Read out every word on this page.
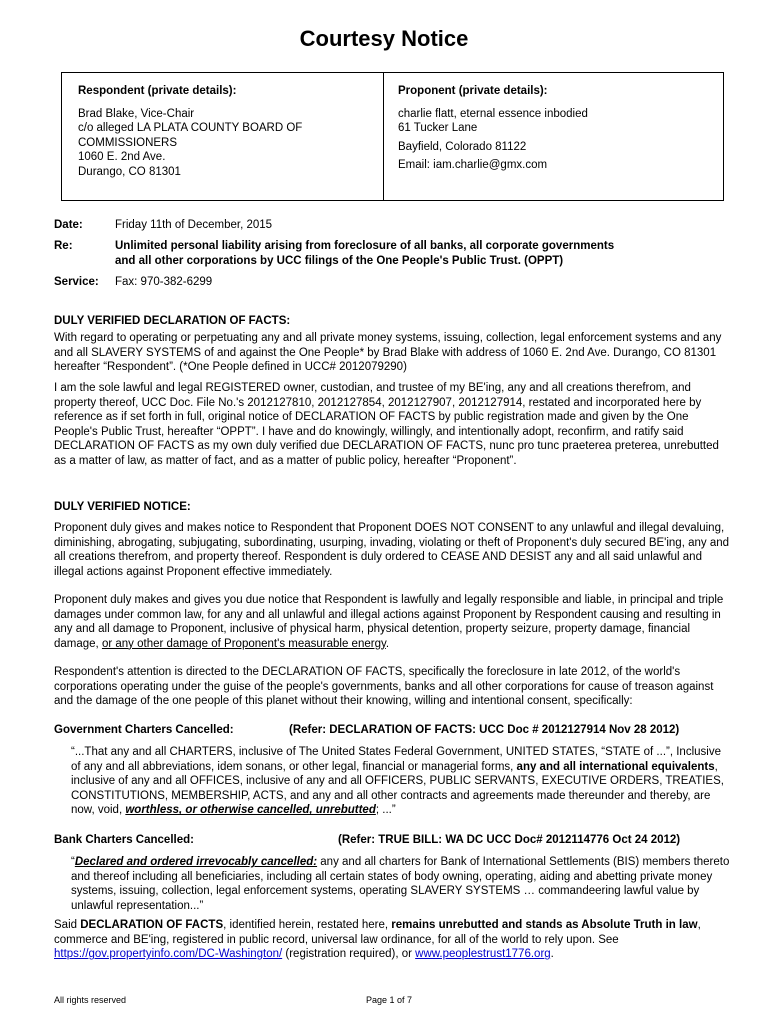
Courtesy Notice
Respondent (private details):
Brad Blake, Vice-Chair
c/o alleged LA PLATA COUNTY BOARD OF
COMMISSIONERS
1060 E. 2nd Ave.
Durango, CO 81301
Proponent (private details):
charlie flatt, eternal essence inbodied
61 Tucker Lane
Bayfield, Colorado 81122
Email: iam.charlie@gmx.com
Date:	Friday 11th of December, 2015
Re:	Unlimited personal liability arising from foreclosure of all banks, all corporate governments
and all other corporations by UCC filings of the One People's Public Trust. (OPPT)
Service:	Fax: 970-382-6299
DULY VERIFIED DECLARATION OF FACTS:
With regard to operating or perpetuating any and all private money systems, issuing, collection, legal enforcement systems and any and all SLAVERY SYSTEMS of and against the One People* by Brad Blake with address of 1060 E. 2nd Ave. Durango, CO 81301 hereafter “Respondent”. (*One People defined in UCC# 2012079290)
I am the sole lawful and legal REGISTERED owner, custodian, and trustee of my BE'ing, any and all creations therefrom, and property thereof, UCC Doc. File No.'s 2012127810, 2012127854, 2012127907, 2012127914, restated and incorporated here by reference as if set forth in full, original notice of DECLARATION OF FACTS by public registration made and given by the One People's Public Trust, hereafter “OPPT”. I have and do knowingly, willingly, and intentionally adopt, reconfirm, and ratify said DECLARATION OF FACTS as my own duly verified due DECLARATION OF FACTS, nunc pro tunc praeterea preterea, unrebutted as a matter of law, as matter of fact, and as a matter of public policy, hereafter “Proponent”.
DULY VERIFIED NOTICE:
Proponent duly gives and makes notice to Respondent that Proponent DOES NOT CONSENT to any unlawful and illegal devaluing, diminishing, abrogating, subjugating, subordinating, usurping, invading, violating or theft of Proponent's duly secured BE'ing, any and all creations therefrom, and property thereof. Respondent is duly ordered to CEASE AND DESIST any and all said unlawful and illegal actions against Proponent effective immediately.
Proponent duly makes and gives you due notice that Respondent is lawfully and legally responsible and liable, in principal and triple damages under common law, for any and all unlawful and illegal actions against Proponent by Respondent causing and resulting in any and all damage to Proponent, inclusive of physical harm, physical detention, property seizure, property damage, financial damage, or any other damage of Proponent's measurable energy.
Respondent's attention is directed to the DECLARATION OF FACTS, specifically the foreclosure in late 2012, of the world's corporations operating under the guise of the people's governments, banks and all other corporations for cause of treason against and the damage of the one people of this planet without their knowing, willing and intentional consent, specifically:
Government Charters Cancelled:	(Refer: DECLARATION OF FACTS: UCC Doc # 2012127914 Nov 28 2012)
“...That any and all CHARTERS, inclusive of The United States Federal Government, UNITED STATES, “STATE of ...”, Inclusive of any and all abbreviations, idem sonans, or other legal, financial or managerial forms, any and all international equivalents, inclusive of any and all OFFICES, inclusive of any and all OFFICERS, PUBLIC SERVANTS, EXECUTIVE ORDERS, TREATIES, CONSTITUTIONS, MEMBERSHIP, ACTS, and any and all other contracts and agreements made thereunder and thereby, are now, void, worthless, or otherwise cancelled, unrebutted; ...”
Bank Charters Cancelled:	(Refer: TRUE BILL: WA DC UCC Doc# 2012114776 Oct 24 2012)
“Declared and ordered irrevocably cancelled: any and all charters for Bank of International Settlements (BIS) members thereto and thereof including all beneficiaries, including all certain states of body owning, operating, aiding and abetting private money systems, issuing, collection, legal enforcement systems, operating SLAVERY SYSTEMS … commandeering lawful value by unlawful representation...”
Said DECLARATION OF FACTS, identified herein, restated here, remains unrebutted and stands as Absolute Truth in law, commerce and BE'ing, registered in public record, universal law ordinance, for all of the world to rely upon. See https://gov.propertyinfo.com/DC-Washington/ (registration required), or www.peoplestrust1776.org.
All rights reserved	Page 1 of 7
